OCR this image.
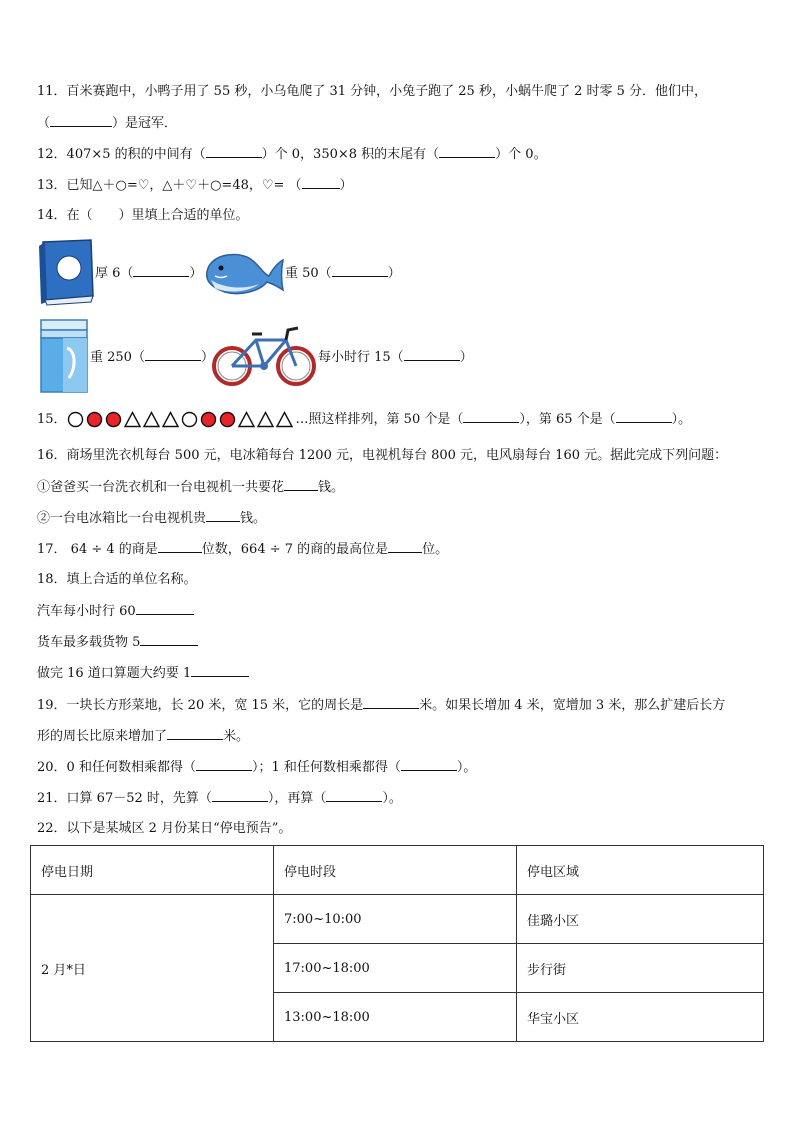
11．百米赛跑中，小鸭子用了 55 秒，小乌龟爬了 31 分钟，小兔子跑了 25 秒，小蜗牛爬了 2 时零 5 分．他们中，
（	）是冠军．
12．407×5 的积的中间有（	）个 0，350×8 积的末尾有（	）个 0。
13．已知△＋○=♡，△＋♡＋○=48，♡= （	）
14．在（　　）里填上合适的单位。
厚 6（	）	重 50（	）
重 250（	）	每小时行 15（	）
15．	…照这样排列，第 50 个是（	），第 65 个是（	）。
16．商场里洗衣机每台 500 元，电冰箱每台 1200 元，电视机每台 800 元，电风扇每台 160 元。据此完成下列问题：
①爸爸买一台洗衣机和一台电视机一共要花	钱。
②一台电冰箱比一台电视机贵	钱。
17． 64 ÷ 4 的商是	位数，664 ÷ 7 的商的最高位是	位。
18．填上合适的单位名称。
汽车每小时行 60
货车最多载货物 5
做完 16 道口算题大约要 1
19．一块长方形菜地，长 20 米，宽 15 米，它的周长是	米。如果长增加 4 米，宽增加 3 米，那么扩建后长方
形的周长比原来增加了	米。
20．0 和任何数相乘都得（	）；1 和任何数相乘都得（	）。
21．口算 67－52 时，先算（	），再算（	）。
22．以下是某城区 2 月份某日“停电预告”。
停电日期	停电时段	停电区域
2 月*日	7:00~10:00	佳璐小区
	17:00~18:00	步行街
	13:00~18:00	华宝小区
